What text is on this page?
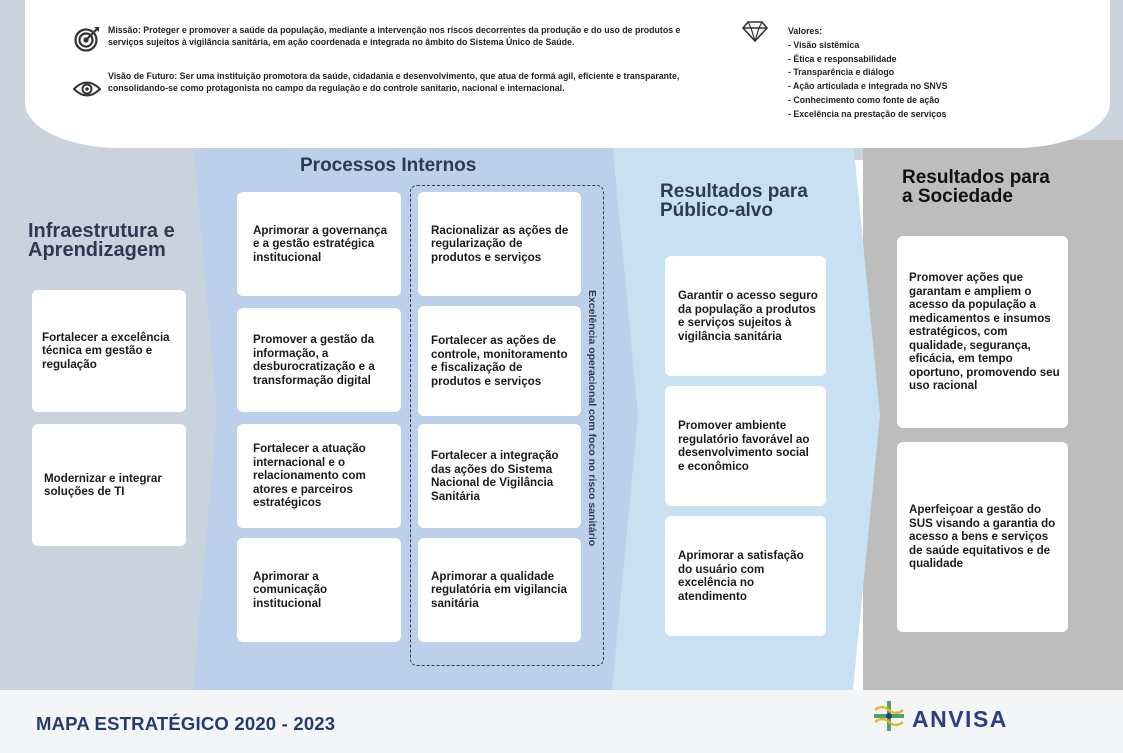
Missão: Proteger e promover a saúde da população, mediante a intervenção nos riscos decorrentes da produção e do uso de produtos e serviços sujeitos à vigilância sanitária, em ação coordenada e integrada no âmbito do Sistema Único de Saúde.
Visão de Futuro: Ser uma instituição promotora da saúde, cidadania e desenvolvimento, que atua de formá agil, eficiente e transparante, consolidando-se como protagonista no campo da regulação e do controle sanitario, nacional e internacional.
Valores:
- Visão sistêmica
- Ética e responsabilidade
- Transparência e diálogo
- Ação articulada e integrada no SNVS
- Conhecimento como fonte de ação
- Excelência na prestação de serviços
Infraestrutura e
Aprendizagem
Fortalecer a excelência técnica em gestão e regulação
Modernizar e integrar soluções de TI
Processos Internos
Excelência operacional com foco no risco sanitário
Aprimorar a governança e a gestão estratégica institucional
Promover a gestão da informação, a desburocratização e a transformação digital
Fortalecer a atuação internacional e o relacionamento com atores e parceiros estratégicos
Aprimorar a comunicação institucional
Racionalizar as ações de regularização de produtos e serviços
Fortalecer as ações de controle, monitoramento e fiscalização de produtos e serviços
Fortalecer a integração das ações do Sistema Nacional de Vigilância Sanitária
Aprimorar a qualidade regulatória em vigilancia sanitária
Resultados para
Público-alvo
Garantir o acesso seguro da população a produtos e serviços sujeitos à vigilância sanitária
Promover ambiente regulatório favorável ao desenvolvimento social e econômico
Aprimorar a satisfação do usuário com excelência no atendimento
Resultados para
a Sociedade
Promover ações que garantam e ampliem o acesso da população a medicamentos e insumos estratégicos, com qualidade, segurança, eficácia, em tempo oportuno, promovendo seu uso racional
Aperfeiçoar a gestão do SUS visando a garantia do acesso a bens e serviços de saúde equitativos e de qualidade
MAPA ESTRATÉGICO 2020 - 2023	ANVISA
